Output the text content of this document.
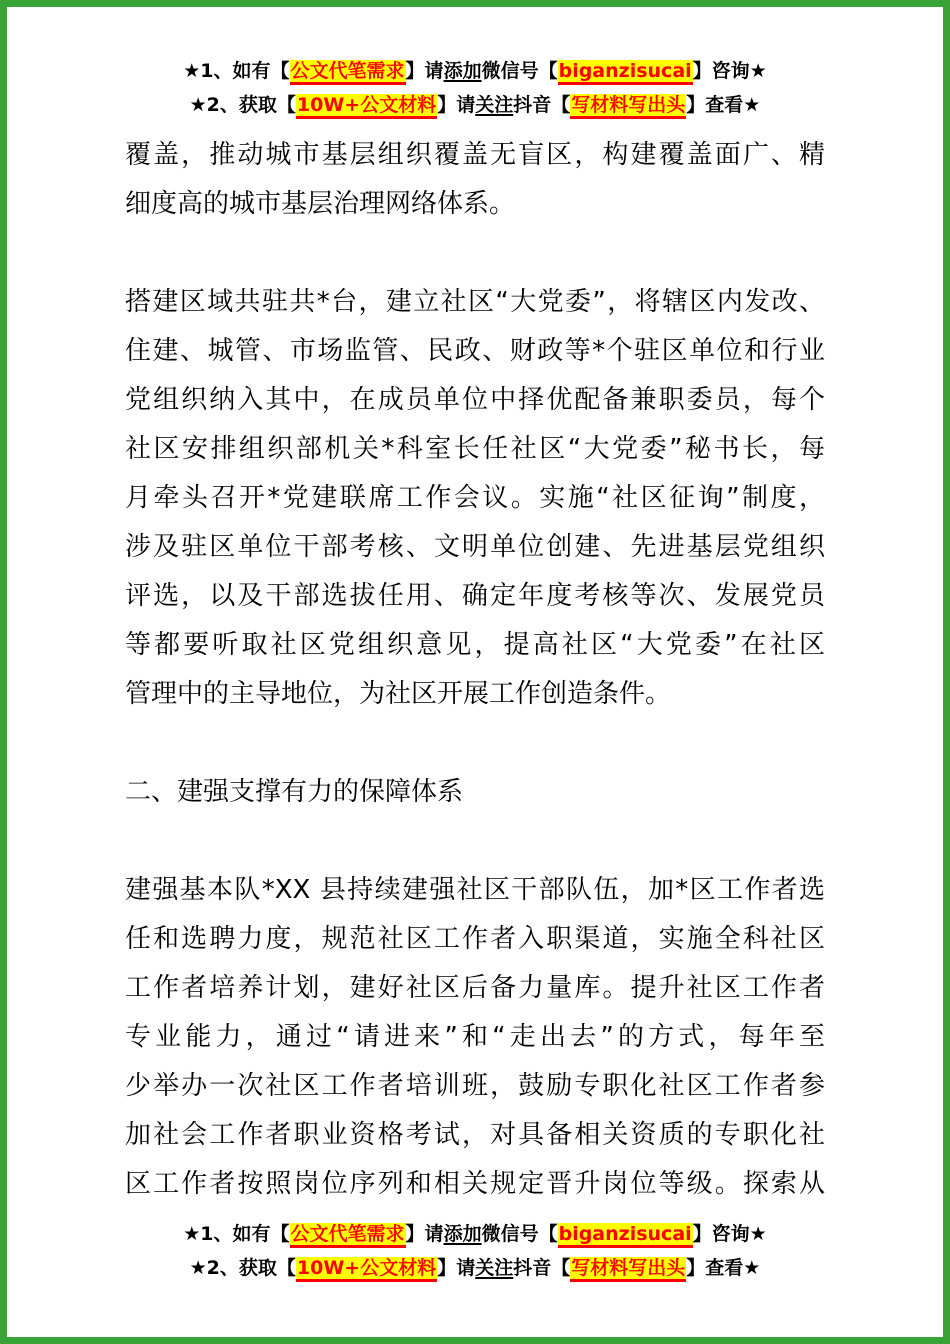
★1、如有【公文代笔需求】请添加微信号【biganzisucai】咨询★
★2、获取【10W+公文材料】请关注抖音【写材料写出头】查看★
覆盖，推动城市基层组织覆盖无盲区，构建覆盖面广、精
细度高的城市基层治理网络体系。
搭建区域共驻共*台，建立社区“大党委”，将辖区内发改、
住建、城管、市场监管、民政、财政等*个驻区单位和行业
党组织纳入其中，在成员单位中择优配备兼职委员，每个
社区安排组织部机关*科室长任社区“大党委”秘书长，每
月牵头召开*党建联席工作会议。实施“社区征询”制度，
涉及驻区单位干部考核、文明单位创建、先进基层党组织
评选，以及干部选拔任用、确定年度考核等次、发展党员
等都要听取社区党组织意见，提高社区“大党委”在社区
管理中的主导地位，为社区开展工作创造条件。
二、建强支撑有力的保障体系
建强基本队*XX 县持续建强社区干部队伍，加*区工作者选
任和选聘力度，规范社区工作者入职渠道，实施全科社区
工作者培养计划，建好社区后备力量库。提升社区工作者
专业能力，通过“请进来”和“走出去”的方式，每年至
少举办一次社区工作者培训班，鼓励专职化社区工作者参
加社会工作者职业资格考试，对具备相关资质的专职化社
区工作者按照岗位序列和相关规定晋升岗位等级。探索从
★1、如有【公文代笔需求】请添加微信号【biganzisucai】咨询★
★2、获取【10W+公文材料】请关注抖音【写材料写出头】查看★
